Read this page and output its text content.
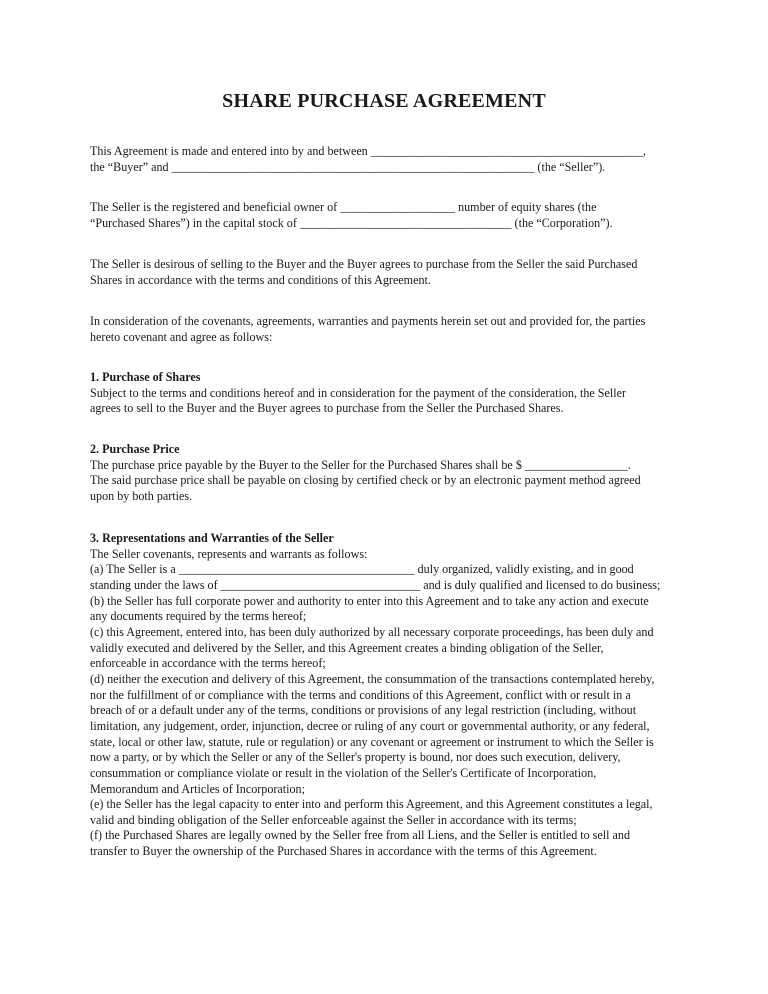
SHARE PURCHASE AGREEMENT
This Agreement is made and entered into by and between _____________________________________________,
the “Buyer” and ____________________________________________________________ (the “Seller”).
The Seller is the registered and beneficial owner of ___________________ number of equity shares (the
“Purchased Shares”) in the capital stock of ___________________________________ (the “Corporation”).
The Seller is desirous of selling to the Buyer and the Buyer agrees to purchase from the Seller the said Purchased
Shares in accordance with the terms and conditions of this Agreement.
In consideration of the covenants, agreements, warranties and payments herein set out and provided for, the parties
hereto covenant and agree as follows:
1. Purchase of Shares
Subject to the terms and conditions hereof and in consideration for the payment of the consideration, the Seller
agrees to sell to the Buyer and the Buyer agrees to purchase from the Seller the Purchased Shares.
2. Purchase Price
The purchase price payable by the Buyer to the Seller for the Purchased Shares shall be $ _________________.
The said purchase price shall be payable on closing by certified check or by an electronic payment method agreed
upon by both parties.
3. Representations and Warranties of the Seller
The Seller covenants, represents and warrants as follows:
(a) The Seller is a _______________________________________ duly organized, validly existing, and in good
standing under the laws of _________________________________ and is duly qualified and licensed to do business;
(b) the Seller has full corporate power and authority to enter into this Agreement and to take any action and execute
any documents required by the terms hereof;
(c) this Agreement, entered into, has been duly authorized by all necessary corporate proceedings, has been duly and
validly executed and delivered by the Seller, and this Agreement creates a binding obligation of the Seller,
enforceable in accordance with the terms hereof;
(d) neither the execution and delivery of this Agreement, the consummation of the transactions contemplated hereby,
nor the fulfillment of or compliance with the terms and conditions of this Agreement, conflict with or result in a
breach of or a default under any of the terms, conditions or provisions of any legal restriction (including, without
limitation, any judgement, order, injunction, decree or ruling of any court or governmental authority, or any federal,
state, local or other law, statute, rule or regulation) or any covenant or agreement or instrument to which the Seller is
now a party, or by which the Seller or any of the Seller's property is bound, nor does such execution, delivery,
consummation or compliance violate or result in the violation of the Seller's Certificate of Incorporation,
Memorandum and Articles of Incorporation;
(e) the Seller has the legal capacity to enter into and perform this Agreement, and this Agreement constitutes a legal,
valid and binding obligation of the Seller enforceable against the Seller in accordance with its terms;
(f) the Purchased Shares are legally owned by the Seller free from all Liens, and the Seller is entitled to sell and
transfer to Buyer the ownership of the Purchased Shares in accordance with the terms of this Agreement.
